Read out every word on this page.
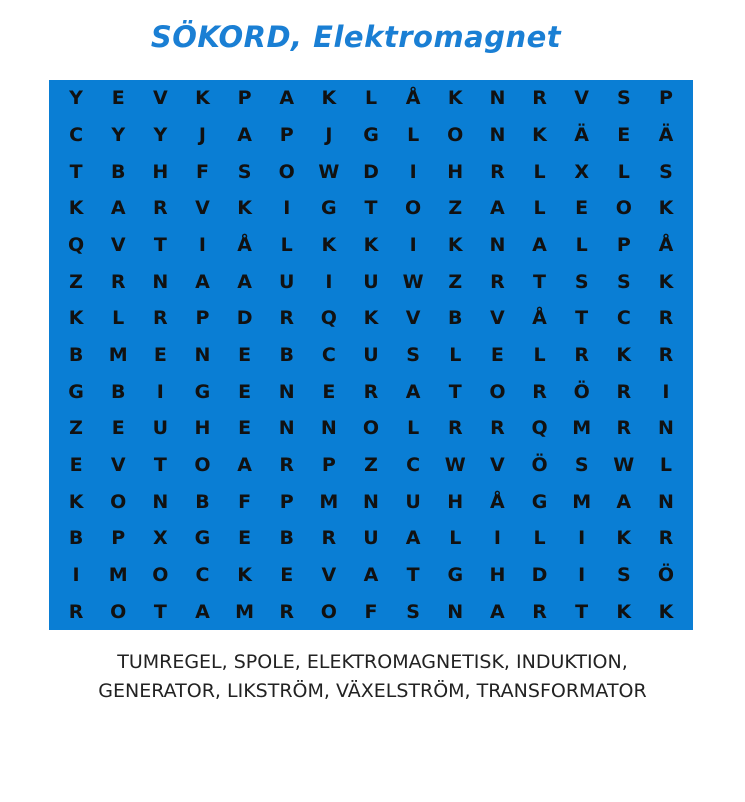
SÖKORD, Elektromagnet
Y	E	V	K	P	A	K	L	Å	K	N	R	V	S	P
C	Y	Y	J	A	P	J	G	L	O	N	K	Ä	E	Ä
T	B	H	F	S	O	W	D	I	H	R	L	X	L	S
K	A	R	V	K	I	G	T	O	Z	A	L	E	O	K
Q	V	T	I	Å	L	K	K	I	K	N	A	L	P	Å
Z	R	N	A	A	U	I	U	W	Z	R	T	S	S	K
K	L	R	P	D	R	Q	K	V	B	V	Å	T	C	R
B	M	E	N	E	B	C	U	S	L	E	L	R	K	R
G	B	I	G	E	N	E	R	A	T	O	R	Ö	R	I
Z	E	U	H	E	N	N	O	L	R	R	Q	M	R	N
E	V	T	O	A	R	P	Z	C	W	V	Ö	S	W	L
K	O	N	B	F	P	M	N	U	H	Å	G	M	A	N
B	P	X	G	E	B	R	U	A	L	I	L	I	K	R
I	M	O	C	K	E	V	A	T	G	H	D	I	S	Ö
R	O	T	A	M	R	O	F	S	N	A	R	T	K	K
TUMREGEL, SPOLE, ELEKTROMAGNETISK, INDUKTION,
GENERATOR, LIKSTRÖM, VÄXELSTRÖM, TRANSFORMATOR
